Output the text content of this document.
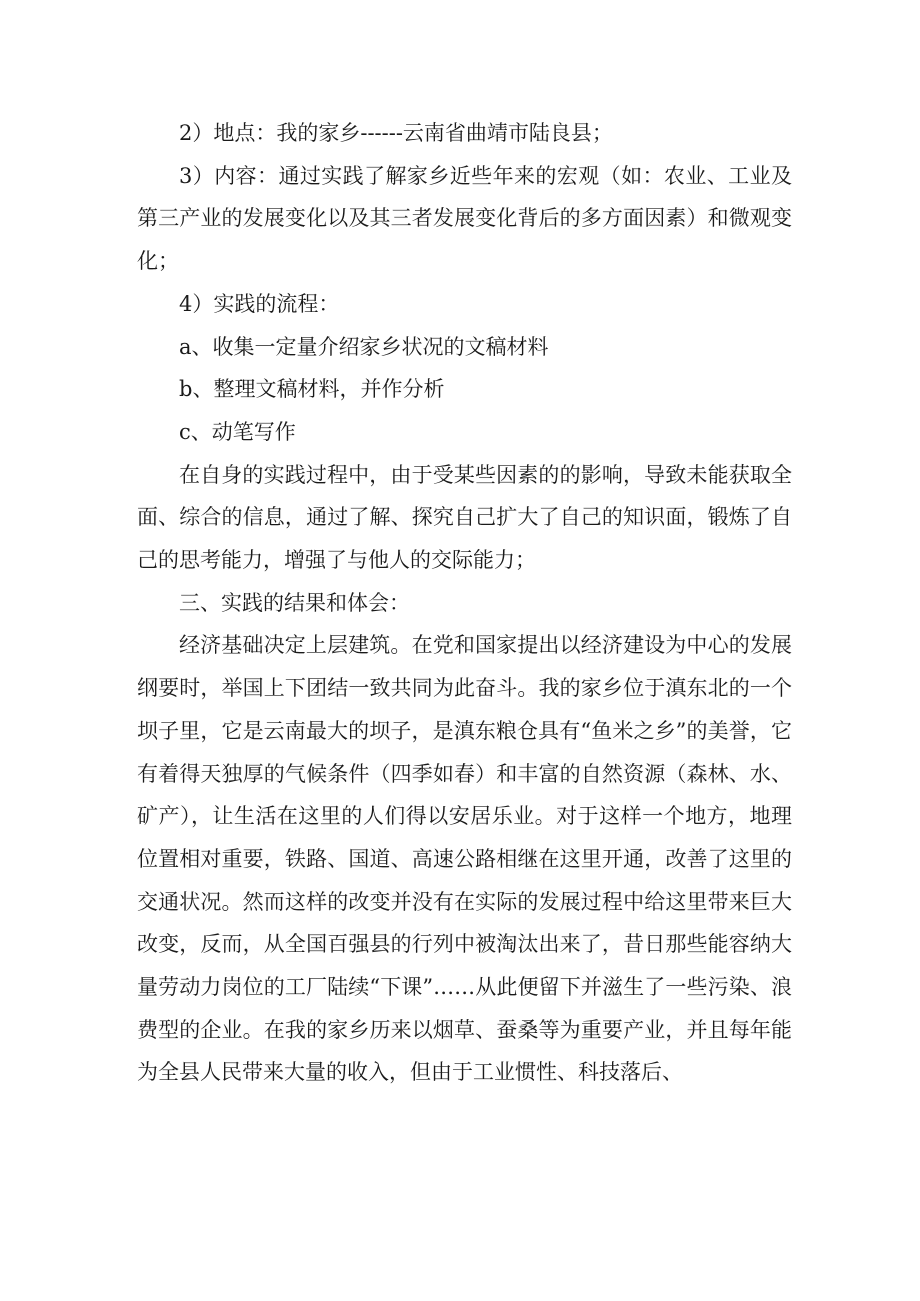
2）地点：我的家乡------云南省曲靖市陆良县；

3）内容：通过实践了解家乡近些年来的宏观（如：农业、工业及第三产业的发展变化以及其三者发展变化背后的多方面因素）和微观变化；

4）实践的流程：

a、收集一定量介绍家乡状况的文稿材料

b、整理文稿材料，并作分析

c、动笔写作

在自身的实践过程中，由于受某些因素的的影响，导致未能获取全面、综合的信息，通过了解、探究自己扩大了自己的知识面，锻炼了自己的思考能力，增强了与他人的交际能力；

三、实践的结果和体会：

经济基础决定上层建筑。在党和国家提出以经济建设为中心的发展纲要时，举国上下团结一致共同为此奋斗。我的家乡位于滇东北的一个坝子里，它是云南最大的坝子，是滇东粮仓具有“鱼米之乡”的美誉，它有着得天独厚的气候条件（四季如春）和丰富的自然资源（森林、水、矿产），让生活在这里的人们得以安居乐业。对于这样一个地方，地理位置相对重要，铁路、国道、高速公路相继在这里开通，改善了这里的交通状况。然而这样的改变并没有在实际的发展过程中给这里带来巨大改变，反而，从全国百强县的行列中被淘汰出来了，昔日那些能容纳大量劳动力岗位的工厂陆续“下课”……从此便留下并滋生了一些污染、浪费型的企业。在我的家乡历来以烟草、蚕桑等为重要产业，并且每年能为全县人民带来大量的收入，但由于工业惯性、科技落后、
